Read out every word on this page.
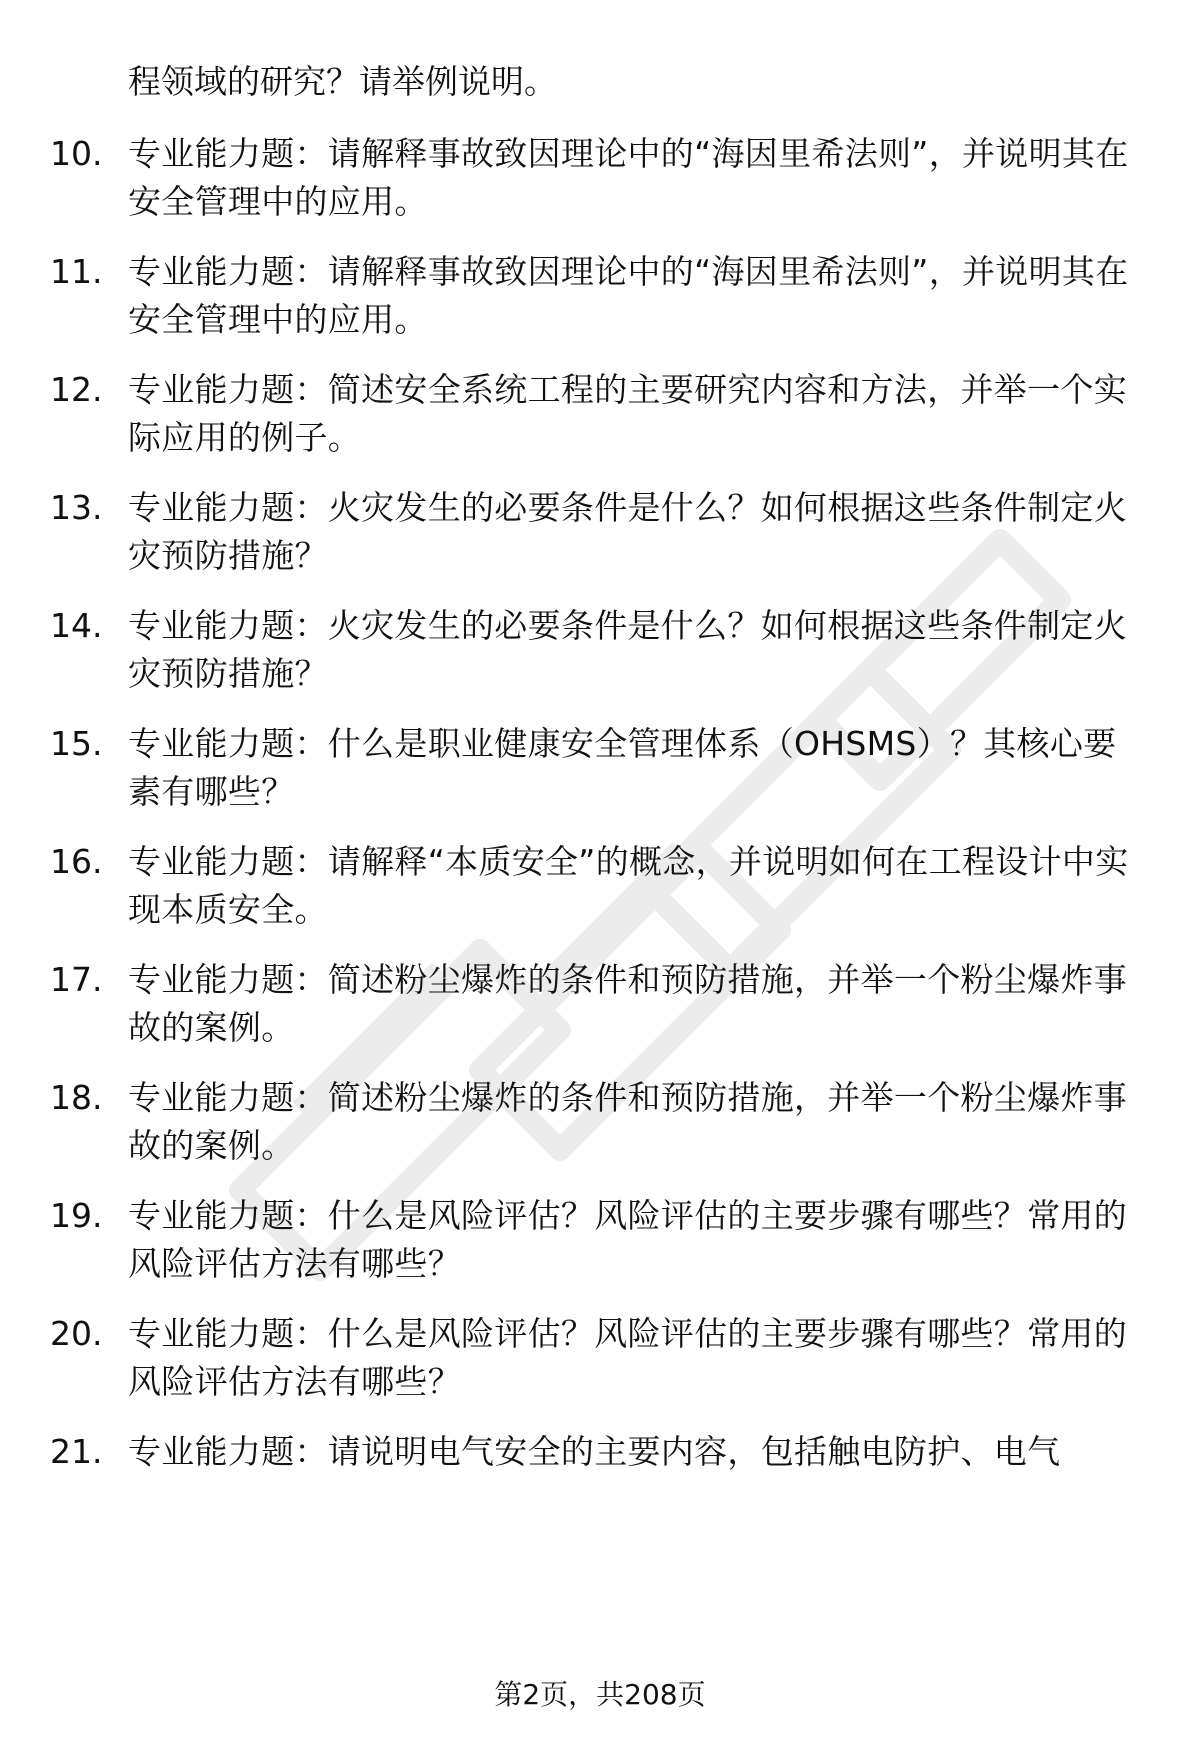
程领域的研究？请举例说明。

10. 专业能力题：请解释事故致因理论中的“海因里希法则”，并说明其在安全管理中的应用。
11. 专业能力题：请解释事故致因理论中的“海因里希法则”，并说明其在安全管理中的应用。
12. 专业能力题：简述安全系统工程的主要研究内容和方法，并举一个实际应用的例子。
13. 专业能力题：火灾发生的必要条件是什么？如何根据这些条件制定火灾预防措施？
14. 专业能力题：火灾发生的必要条件是什么？如何根据这些条件制定火灾预防措施？
15. 专业能力题：什么是职业健康安全管理体系（OHSMS）？其核心要素有哪些？
16. 专业能力题：请解释“本质安全”的概念，并说明如何在工程设计中实现本质安全。
17. 专业能力题：简述粉尘爆炸的条件和预防措施，并举一个粉尘爆炸事故的案例。
18. 专业能力题：简述粉尘爆炸的条件和预防措施，并举一个粉尘爆炸事故的案例。
19. 专业能力题：什么是风险评估？风险评估的主要步骤有哪些？常用的风险评估方法有哪些？
20. 专业能力题：什么是风险评估？风险评估的主要步骤有哪些？常用的风险评估方法有哪些？
21. 专业能力题：请说明电气安全的主要内容，包括触电防护、电气
第2页，共208页
